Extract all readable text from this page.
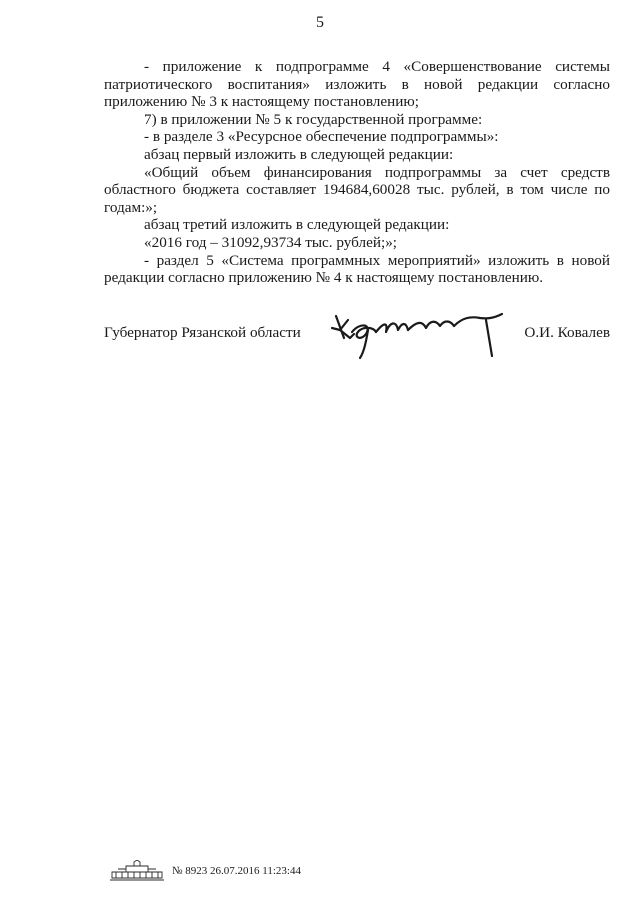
5

- приложение к подпрограмме 4 «Совершенствование системы патриотического воспитания» изложить в новой редакции согласно приложению № 3 к настоящему постановлению;

7) в приложении № 5 к государственной программе:

- в разделе 3 «Ресурсное обеспечение подпрограммы»:

абзац первый изложить в следующей редакции:

«Общий объем финансирования подпрограммы за счет средств областного бюджета составляет 194684,60028 тыс. рублей, в том числе по годам:»;

абзац третий изложить в следующей редакции:

«2016 год – 31092,93734 тыс. рублей;»;

- раздел 5 «Система программных мероприятий» изложить в новой редакции согласно приложению № 4 к настоящему постановлению.

Губернатор Рязанской области	О.И. Ковалев
№ 8923 26.07.2016 11:23:44
